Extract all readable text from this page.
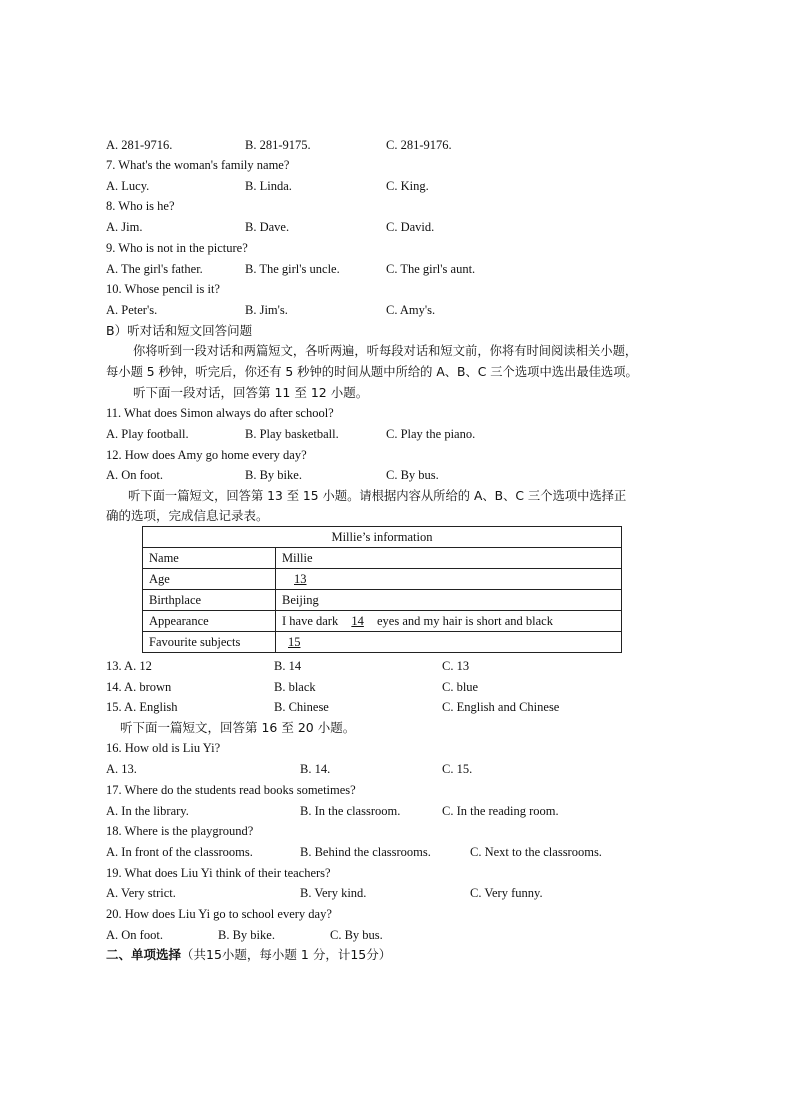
A. 281-9716.	B. 281-9175.	C. 281-9176.
7. What's the woman's family name?
A. Lucy.	B. Linda.	C. King.
8. Who is he?
A. Jim.	B. Dave.	C. David.
9. Who is not in the picture?
A. The girl's father.	B. The girl's uncle.	C. The girl's aunt.
10. Whose pencil is it?
A. Peter's.	B. Jim's.	C. Amy's.
B）听对话和短文回答问题
你将听到一段对话和两篇短文，各听两遍，听每段对话和短文前，你将有时间阅读相关小题，
每小题 5 秒钟，听完后，你还有 5 秒钟的时间从题中所给的 A、B、C 三个选项中选出最佳选项。
听下面一段对话，回答第 11 至 12 小题。
11. What does Simon always do after school?
A. Play football.	B. Play basketball.	C. Play the piano.
12. How does Amy go home every day?
A. On foot.	B. By bike.	C. By bus.
听下面一篇短文，回答第 13 至 15 小题。请根据内容从所给的 A、B、C 三个选项中选择正
确的选项，完成信息记录表。
Millie’s information	
Name	Millie
Age	13
Birthplace	Beijing
Appearance	I have dark 14 eyes and my hair is short and black
Favourite subjects	15
13. A. 12	B. 14	C. 13
14. A. brown	B. black	C. blue
15. A. English	B. Chinese	C. English and Chinese
听下面一篇短文，回答第 16 至 20 小题。
16. How old is Liu Yi?
A. 13.	B. 14.	C. 15.
17. Where do the students read books sometimes?
A. In the library.	B. In the classroom.	C. In the reading room.
18. Where is the playground?
A. In front of the classrooms.	B. Behind the classrooms.	C. Next to the classrooms.
19. What does Liu Yi think of their teachers?
A. Very strict.	B. Very kind.	C. Very funny.
20. How does Liu Yi go to school every day?
A. On foot.	B. By bike.	C. By bus.
二、单项选择（共15小题，每小题 1 分，计15分）
